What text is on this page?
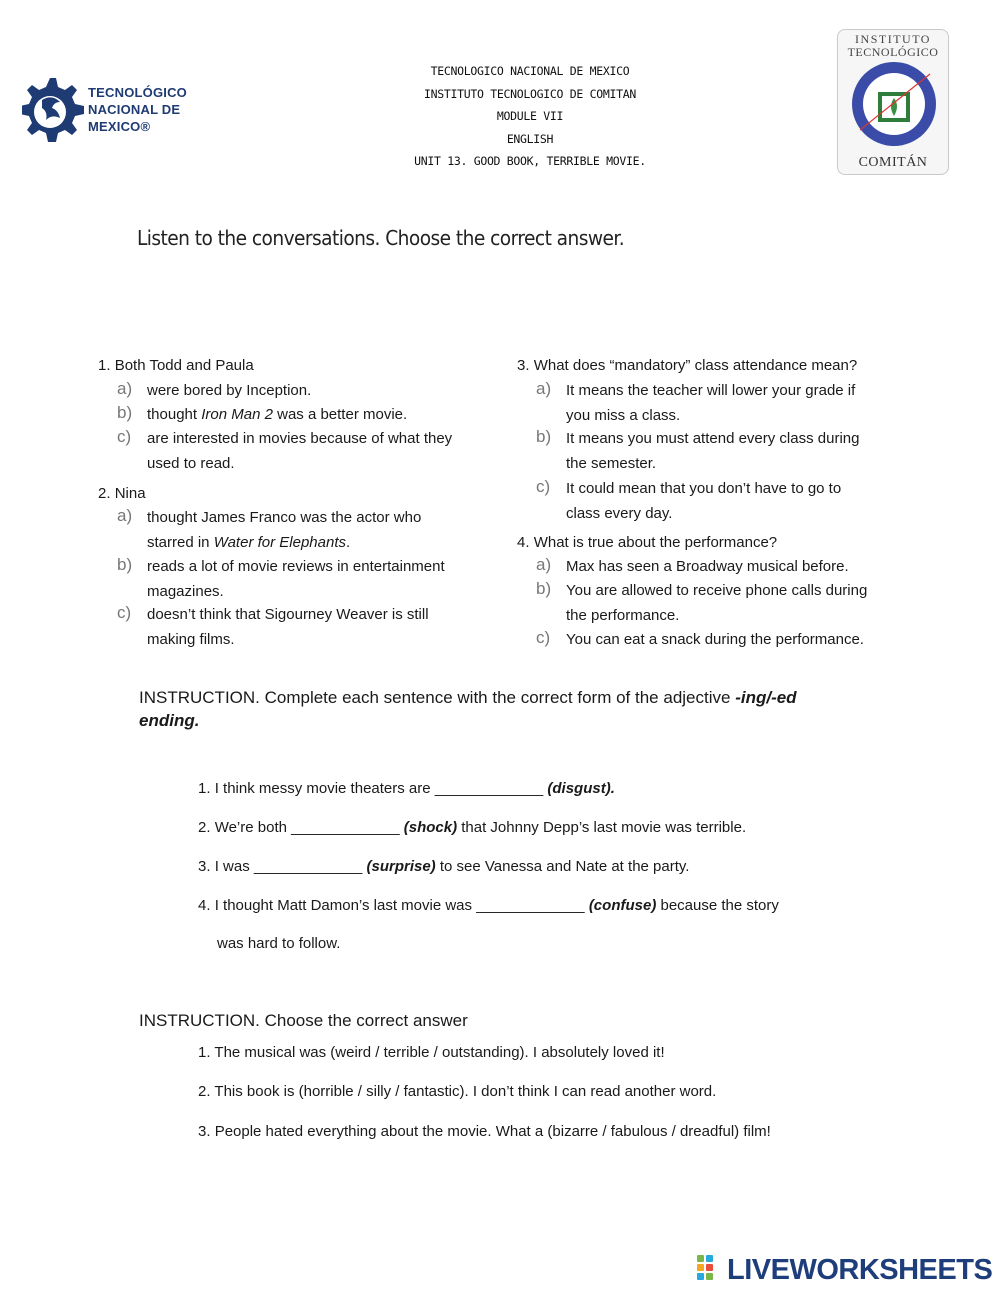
TECNOLÓGICO
NACIONAL DE MEXICO®
TECNOLOGICO NACIONAL DE MEXICO
INSTITUTO TECNOLOGICO DE COMITAN
MODULE VII
ENGLISH
UNIT 13. GOOD BOOK, TERRIBLE MOVIE.
INSTITUTO
TECNOLÓGICO
COMITÁN
Listen to the conversations. Choose the correct answer.
1. Both Todd and Paula
a) were bored by Inception.
b) thought Iron Man 2 was a better movie.
c) are interested in movies because of what they
used to read.
2. Nina
a) thought James Franco was the actor who
starred in Water for Elephants.
b) reads a lot of movie reviews in entertainment
magazines.
c) doesn’t think that Sigourney Weaver is still
making films.
3. What does “mandatory” class attendance mean?
a) It means the teacher will lower your grade if
you miss a class.
b) It means you must attend every class during
the semester.
c) It could mean that you don’t have to go to
class every day.
4. What is true about the performance?
a) Max has seen a Broadway musical before.
b) You are allowed to receive phone calls during
the performance.
c) You can eat a snack during the performance.
INSTRUCTION. Complete each sentence with the correct form of the adjective -ing/-ed
ending.
1. I think messy movie theaters are _____________ (disgust).
2. We’re both _____________ (shock) that Johnny Depp’s last movie was terrible.
3. I was _____________ (surprise) to see Vanessa and Nate at the party.
4. I thought Matt Damon’s last movie was _____________ (confuse) because the story
was hard to follow.
INSTRUCTION. Choose the correct answer
1. The musical was (weird / terrible / outstanding). I absolutely loved it!
2. This book is (horrible / silly / fantastic). I don’t think I can read another word.
3. People hated everything about the movie. What a (bizarre / fabulous / dreadful) film!
LIVEWORKSHEETS
